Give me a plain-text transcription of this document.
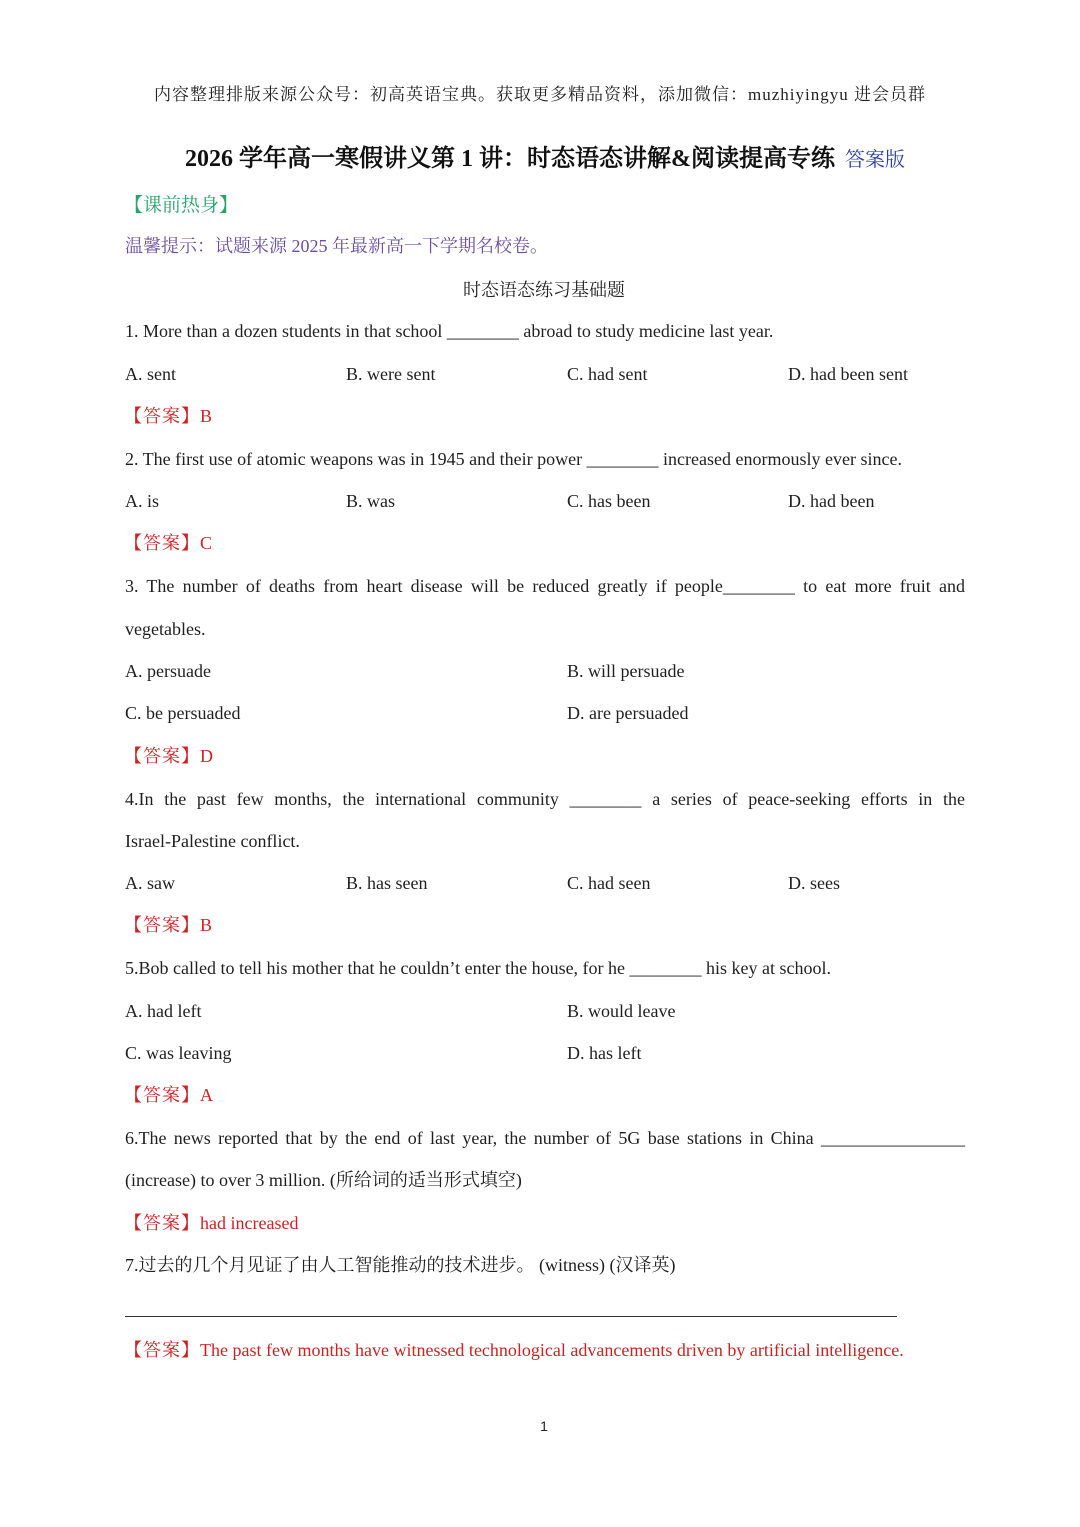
内容整理排版来源公众号：初高英语宝典。获取更多精品资料，添加微信：muzhiyingyu 进会员群
2026 学年高一寒假讲义第 1 讲：时态语态讲解&阅读提高专练 答案版
【课前热身】
温馨提示：试题来源 2025 年最新高一下学期名校卷。
时态语态练习基础题
1. More than a dozen students in that school ________ abroad to study medicine last year.
A. sent	B. were sent	C. had sent	D. had been sent
【答案】B
2. The first use of atomic weapons was in 1945 and their power ________ increased enormously ever since.
A. is	B. was	C. has been	D. had been
【答案】C
3. The number of deaths from heart disease will be reduced greatly if people________ to eat more fruit and
vegetables.
A. persuade	B. will persuade
C. be persuaded	D. are persuaded
【答案】D
4.In the past few months, the international community ________ a series of peace-seeking efforts in the
Israel-Palestine conflict.
A. saw	B. has seen	C. had seen	D. sees
【答案】B
5.Bob called to tell his mother that he couldn’t enter the house, for he ________ his key at school.
A. had left	B. would leave
C. was leaving	D. has left
【答案】A
6.The news reported that by the end of last year, the number of 5G base stations in China ________________
(increase) to over 3 million. (所给词的适当形式填空)
【答案】had increased
7.过去的几个月见证了由人工智能推动的技术进步。 (witness) (汉译英)
【答案】The past few months have witnessed technological advancements driven by artificial intelligence.
1
